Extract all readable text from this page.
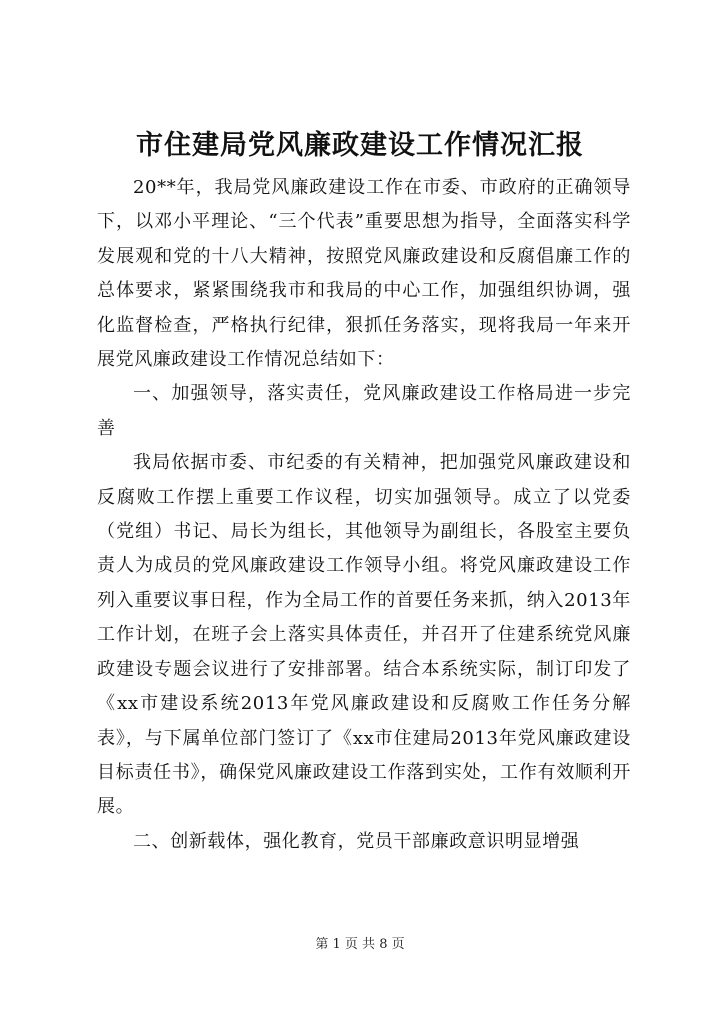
市住建局党风廉政建设工作情况汇报

20**年，我局党风廉政建设工作在市委、市政府的正确领导下，以邓小平理论、“三个代表”重要思想为指导，全面落实科学发展观和党的十八大精神，按照党风廉政建设和反腐倡廉工作的总体要求，紧紧围绕我市和我局的中心工作，加强组织协调，强化监督检查，严格执行纪律，狠抓任务落实，现将我局一年来开展党风廉政建设工作情况总结如下：

一、加强领导，落实责任，党风廉政建设工作格局进一步完善

我局依据市委、市纪委的有关精神，把加强党风廉政建设和反腐败工作摆上重要工作议程，切实加强领导。成立了以党委（党组）书记、局长为组长，其他领导为副组长，各股室主要负责人为成员的党风廉政建设工作领导小组。将党风廉政建设工作列入重要议事日程，作为全局工作的首要任务来抓，纳入2013年工作计划，在班子会上落实具体责任，并召开了住建系统党风廉政建设专题会议进行了安排部署。结合本系统实际，制订印发了《xx市建设系统2013年党风廉政建设和反腐败工作任务分解表》，与下属单位部门签订了《xx市住建局2013年党风廉政建设目标责任书》，确保党风廉政建设工作落到实处，工作有效顺利开展。

二、创新载体，强化教育，党员干部廉政意识明显增强

第 1 页 共 8 页
